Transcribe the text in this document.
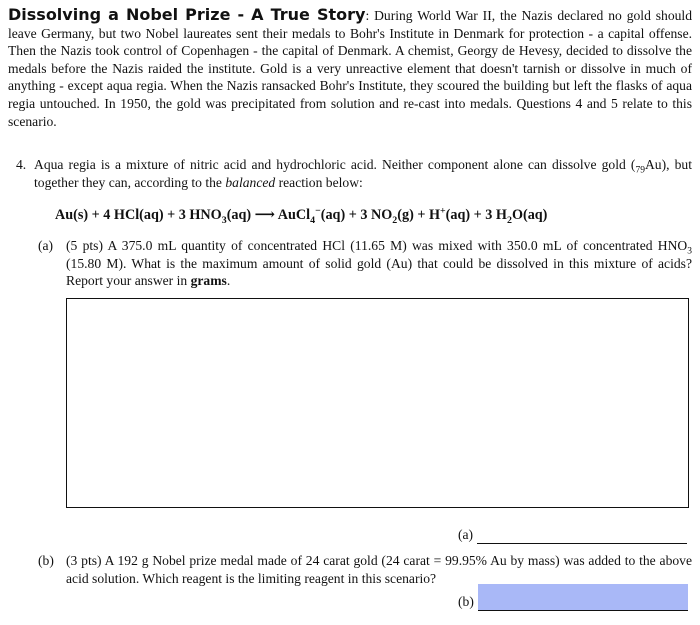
Dissolving a Nobel Prize - A True Story: During World War II, the Nazis declared no gold should leave Germany, but two Nobel laureates sent their medals to Bohr's Institute in Denmark for protection - a capital offense. Then the Nazis took control of Copenhagen - the capital of Denmark. A chemist, Georgy de Hevesy, decided to dissolve the medals before the Nazis raided the institute. Gold is a very unreactive element that doesn't tarnish or dissolve in much of anything - except aqua regia. When the Nazis ransacked Bohr's Institute, they scoured the building but left the flasks of aqua regia untouched. In 1950, the gold was precipitated from solution and re-cast into medals. Questions 4 and 5 relate to this scenario.
4. Aqua regia is a mixture of nitric acid and hydrochloric acid. Neither component alone can dissolve gold $(_{79}Au)$, but together they can, according to the balanced reaction below:
Au(s) + 4 HCl(aq) + 3 $HNO_3(aq)$ ⟶ AuCl$_4$−(aq) + 3 $NO_2(g) + H^+(aq) + 3$ $H_2O(aq)$
(a) (5 pts) A 375.0 mL quantity of concentrated HCl (11.65 M) was mixed with 350.0 mL of concentrated $HNO_3$ (15.80 M). What is the maximum amount of solid gold (Au) that could be dissolved in this mixture of acids? Report your answer in grams.
(a)
(b) (3 pts) A 192 g Nobel prize medal made of 24 carat gold (24 carat = 99.95% Au by mass) was added to the above acid solution. Which reagent is the limiting reagent in this scenario?
(b)
